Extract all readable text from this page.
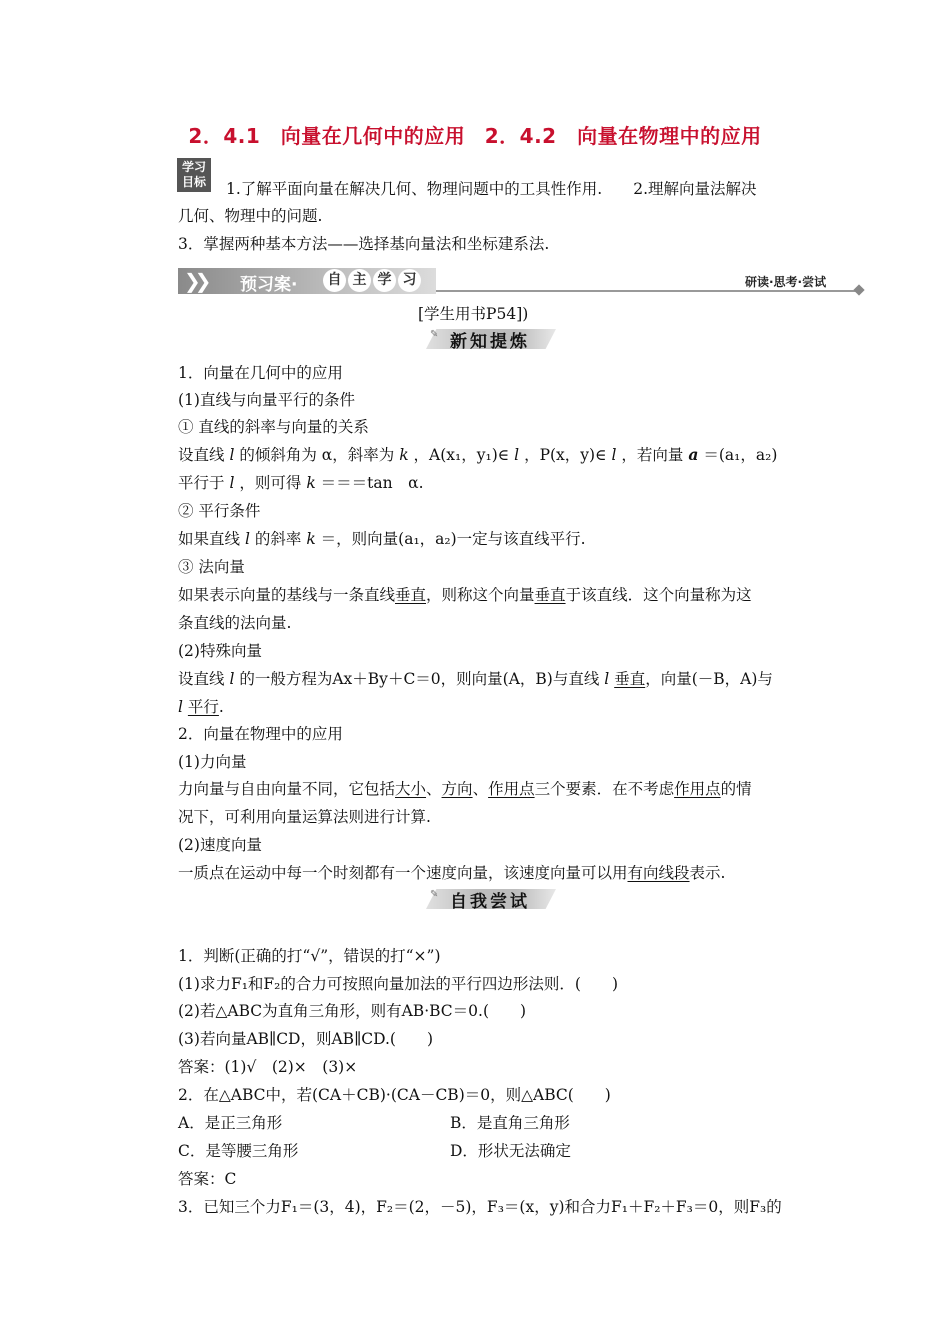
2．4.1　向量在几何中的应用 2．4.2　向量在物理中的应用
学习目标	1.了解平面向量在解决几何、物理问题中的工具性作用.　　2.理解向量法解决
几何、物理中的问题.
3．掌握两种基本方法——选择基向量法和坐标建系法.
❯❯ 预习案·	自 主 学 习	研读·思考·尝试
[学生用书P54])
✎ 新知提炼
1．向量在几何中的应用
(1)直线与向量平行的条件
① 直线的斜率与向量的关系
设直线 l 的倾斜角为 α，斜率为 k ，A(x₁，y₁)∈ l ，P(x，y)∈ l ，若向量 a ＝(a₁，a₂)
平行于 l ，则可得 k ＝＝＝tan　α.
② 平行条件
如果直线 l 的斜率 k ＝，则向量(a₁，a₂)一定与该直线平行.
③ 法向量
如果表示向量的基线与一条直线垂直，则称这个向量垂直于该直线．这个向量称为这
条直线的法向量.
(2)特殊向量
设直线 l 的一般方程为Ax＋By＋C＝0，则向量(A，B)与直线 l 垂直，向量(－B，A)与
l 平行.
2．向量在物理中的应用
(1)力向量
力向量与自由向量不同，它包括大小、方向、作用点三个要素．在不考虑作用点的情
况下，可利用向量运算法则进行计算.
(2)速度向量
一质点在运动中每一个时刻都有一个速度向量，该速度向量可以用有向线段表示.
✎ 自我尝试
1．判断(正确的打“√”，错误的打“×”)
(1)求力F₁和F₂的合力可按照向量加法的平行四边形法则．(　　)
(2)若△ABC为直角三角形，则有AB·BC＝0.(　　)
(3)若向量AB∥CD，则AB∥CD.(　　)
答案：(1)√　(2)×　(3)×
2．在△ABC中，若(CA＋CB)·(CA－CB)＝0，则△ABC(　　)
A．是正三角形	B．是直角三角形
C．是等腰三角形	D．形状无法确定
答案：C
3．已知三个力F₁＝(3，4)，F₂＝(2，－5)，F₃＝(x，y)和合力F₁＋F₂＋F₃＝0，则F₃的
